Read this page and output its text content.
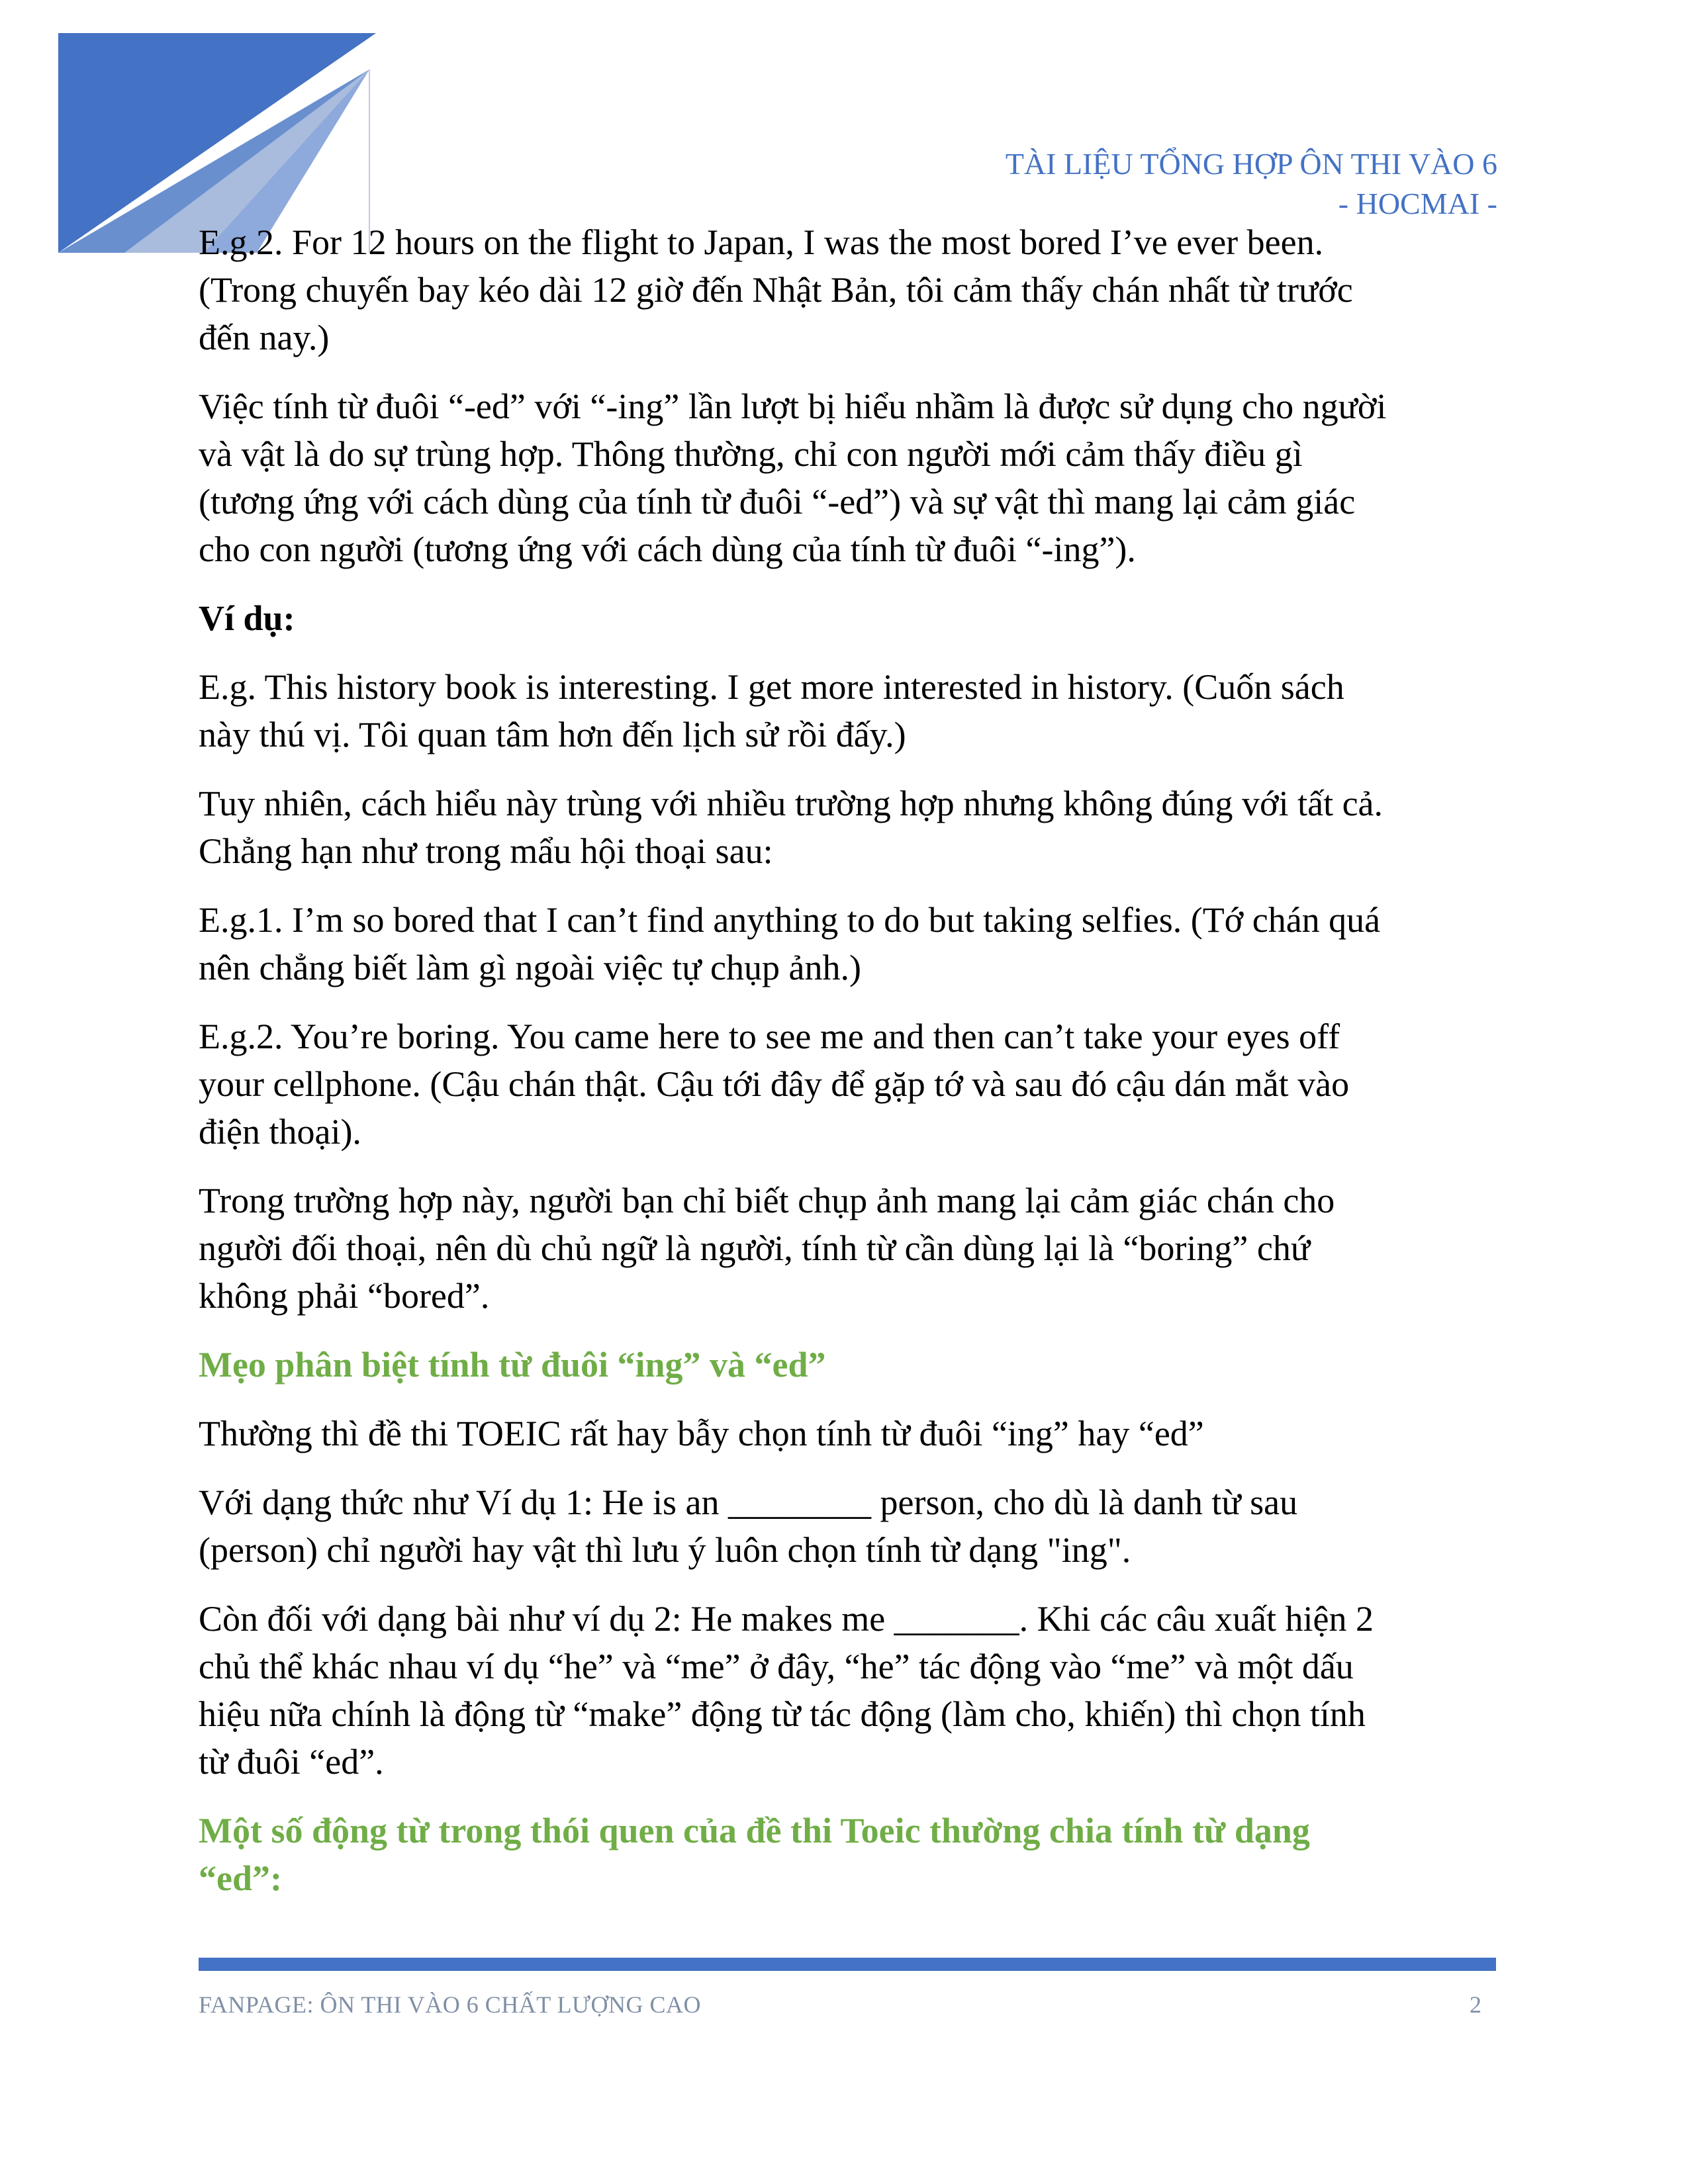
TÀI LIỆU TỔNG HỢP ÔN THI VÀO 6
- HOCMAI -
E.g.2. For 12 hours on the flight to Japan, I was the most bored I’ve ever been.
(Trong chuyến bay kéo dài 12 giờ đến Nhật Bản, tôi cảm thấy chán nhất từ trước
đến nay.)
Việc tính từ đuôi “-ed” với “-ing” lần lượt bị hiểu nhầm là được sử dụng cho người
và vật là do sự trùng hợp. Thông thường, chỉ con người mới cảm thấy điều gì
(tương ứng với cách dùng của tính từ đuôi “-ed”) và sự vật thì mang lại cảm giác
cho con người (tương ứng với cách dùng của tính từ đuôi “-ing”).
Ví dụ:
E.g. This history book is interesting. I get more interested in history. (Cuốn sách
này thú vị. Tôi quan tâm hơn đến lịch sử rồi đấy.)
Tuy nhiên, cách hiểu này trùng với nhiều trường hợp nhưng không đúng với tất cả.
Chẳng hạn như trong mẩu hội thoại sau:
E.g.1. I’m so bored that I can’t find anything to do but taking selfies. (Tớ chán quá
nên chẳng biết làm gì ngoài việc tự chụp ảnh.)
E.g.2. You’re boring. You came here to see me and then can’t take your eyes off
your cellphone. (Cậu chán thật. Cậu tới đây để gặp tớ và sau đó cậu dán mắt vào
điện thoại).
Trong trường hợp này, người bạn chỉ biết chụp ảnh mang lại cảm giác chán cho
người đối thoại, nên dù chủ ngữ là người, tính từ cần dùng lại là “boring” chứ
không phải “bored”.
Mẹo phân biệt tính từ đuôi “ing” và “ed”
Thường thì đề thi TOEIC rất hay bẫy chọn tính từ đuôi “ing” hay “ed”
Với dạng thức như Ví dụ 1: He is an ________ person, cho dù là danh từ sau
(person) chỉ người hay vật thì lưu ý luôn chọn tính từ dạng "ing".
Còn đối với dạng bài như ví dụ 2: He makes me _______. Khi các câu xuất hiện 2
chủ thể khác nhau ví dụ “he” và “me” ở đây, “he” tác động vào “me” và một dấu
hiệu nữa chính là động từ “make” động từ tác động (làm cho, khiến) thì chọn tính
từ đuôi “ed”.
Một số động từ trong thói quen của đề thi Toeic thường chia tính từ dạng
“ed”:
FANPAGE: ÔN THI VÀO 6 CHẤT LƯỢNG CAO	2
